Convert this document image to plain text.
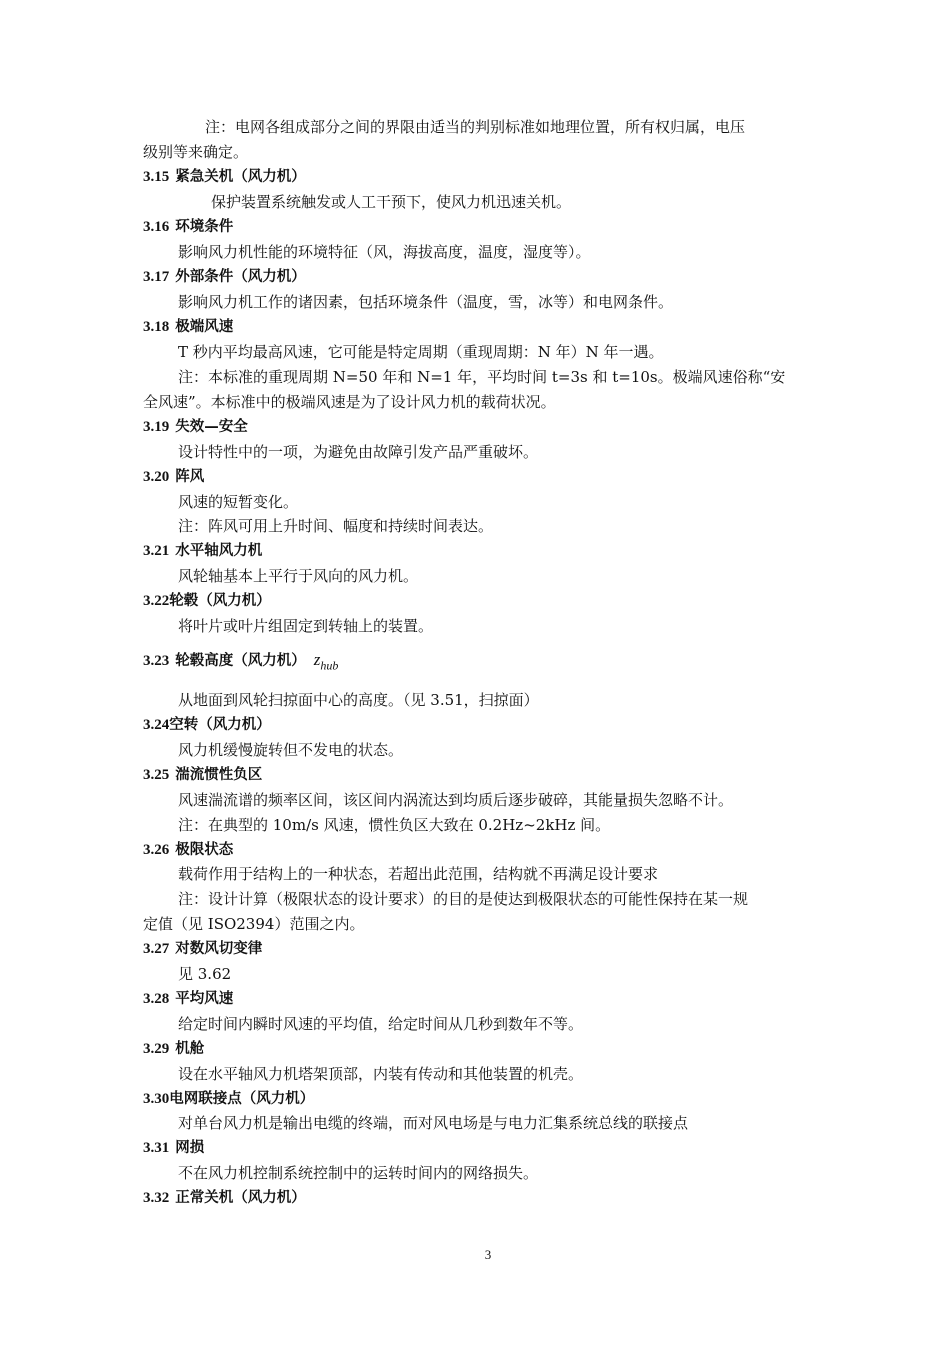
注：电网各组成部分之间的界限由适当的判别标准如地理位置，所有权归属，电压
级别等来确定。
3.15 紧急关机（风力机）
保护装置系统触发或人工干预下，使风力机迅速关机。
3.16 环境条件
影响风力机性能的环境特征（风，海拔高度，温度，湿度等）。
3.17 外部条件（风力机）
影响风力机工作的诸因素，包括环境条件（温度，雪，冰等）和电网条件。
3.18 极端风速
T 秒内平均最高风速，它可能是特定周期（重现周期：N 年）N 年一遇。
注：本标准的重现周期 N=50 年和 N=1 年，平均时间 t=3s 和 t=10s。极端风速俗称“安
全风速”。本标准中的极端风速是为了设计风力机的载荷状况。
3.19 失效—安全
设计特性中的一项，为避免由故障引发产品严重破坏。
3.20 阵风
风速的短暂变化。
注：阵风可用上升时间、幅度和持续时间表达。
3.21 水平轴风力机
风轮轴基本上平行于风向的风力机。
3.22轮毂（风力机）
将叶片或叶片组固定到转轴上的装置。
3.23 轮毂高度（风力机） $z_{hub}$
从地面到风轮扫掠面中心的高度。（见 3.51，扫掠面）
3.24空转（风力机）
风力机缓慢旋转但不发电的状态。
3.25 湍流惯性负区
风速湍流谱的频率区间，该区间内涡流达到均质后逐步破碎，其能量损失忽略不计。
注：在典型的 10m/s 风速，惯性负区大致在 0.2Hz~2kHz 间。
3.26 极限状态
载荷作用于结构上的一种状态，若超出此范围，结构就不再满足设计要求
注：设计计算（极限状态的设计要求）的目的是使达到极限状态的可能性保持在某一规
定值（见 ISO2394）范围之内。
3.27 对数风切变律
见 3.62
3.28 平均风速
给定时间内瞬时风速的平均值，给定时间从几秒到数年不等。
3.29 机舱
设在水平轴风力机塔架顶部，内装有传动和其他装置的机壳。
3.30电网联接点（风力机）
对单台风力机是输出电缆的终端，而对风电场是与电力汇集系统总线的联接点
3.31 网损
不在风力机控制系统控制中的运转时间内的网络损失。
3.32 正常关机（风力机）
3
